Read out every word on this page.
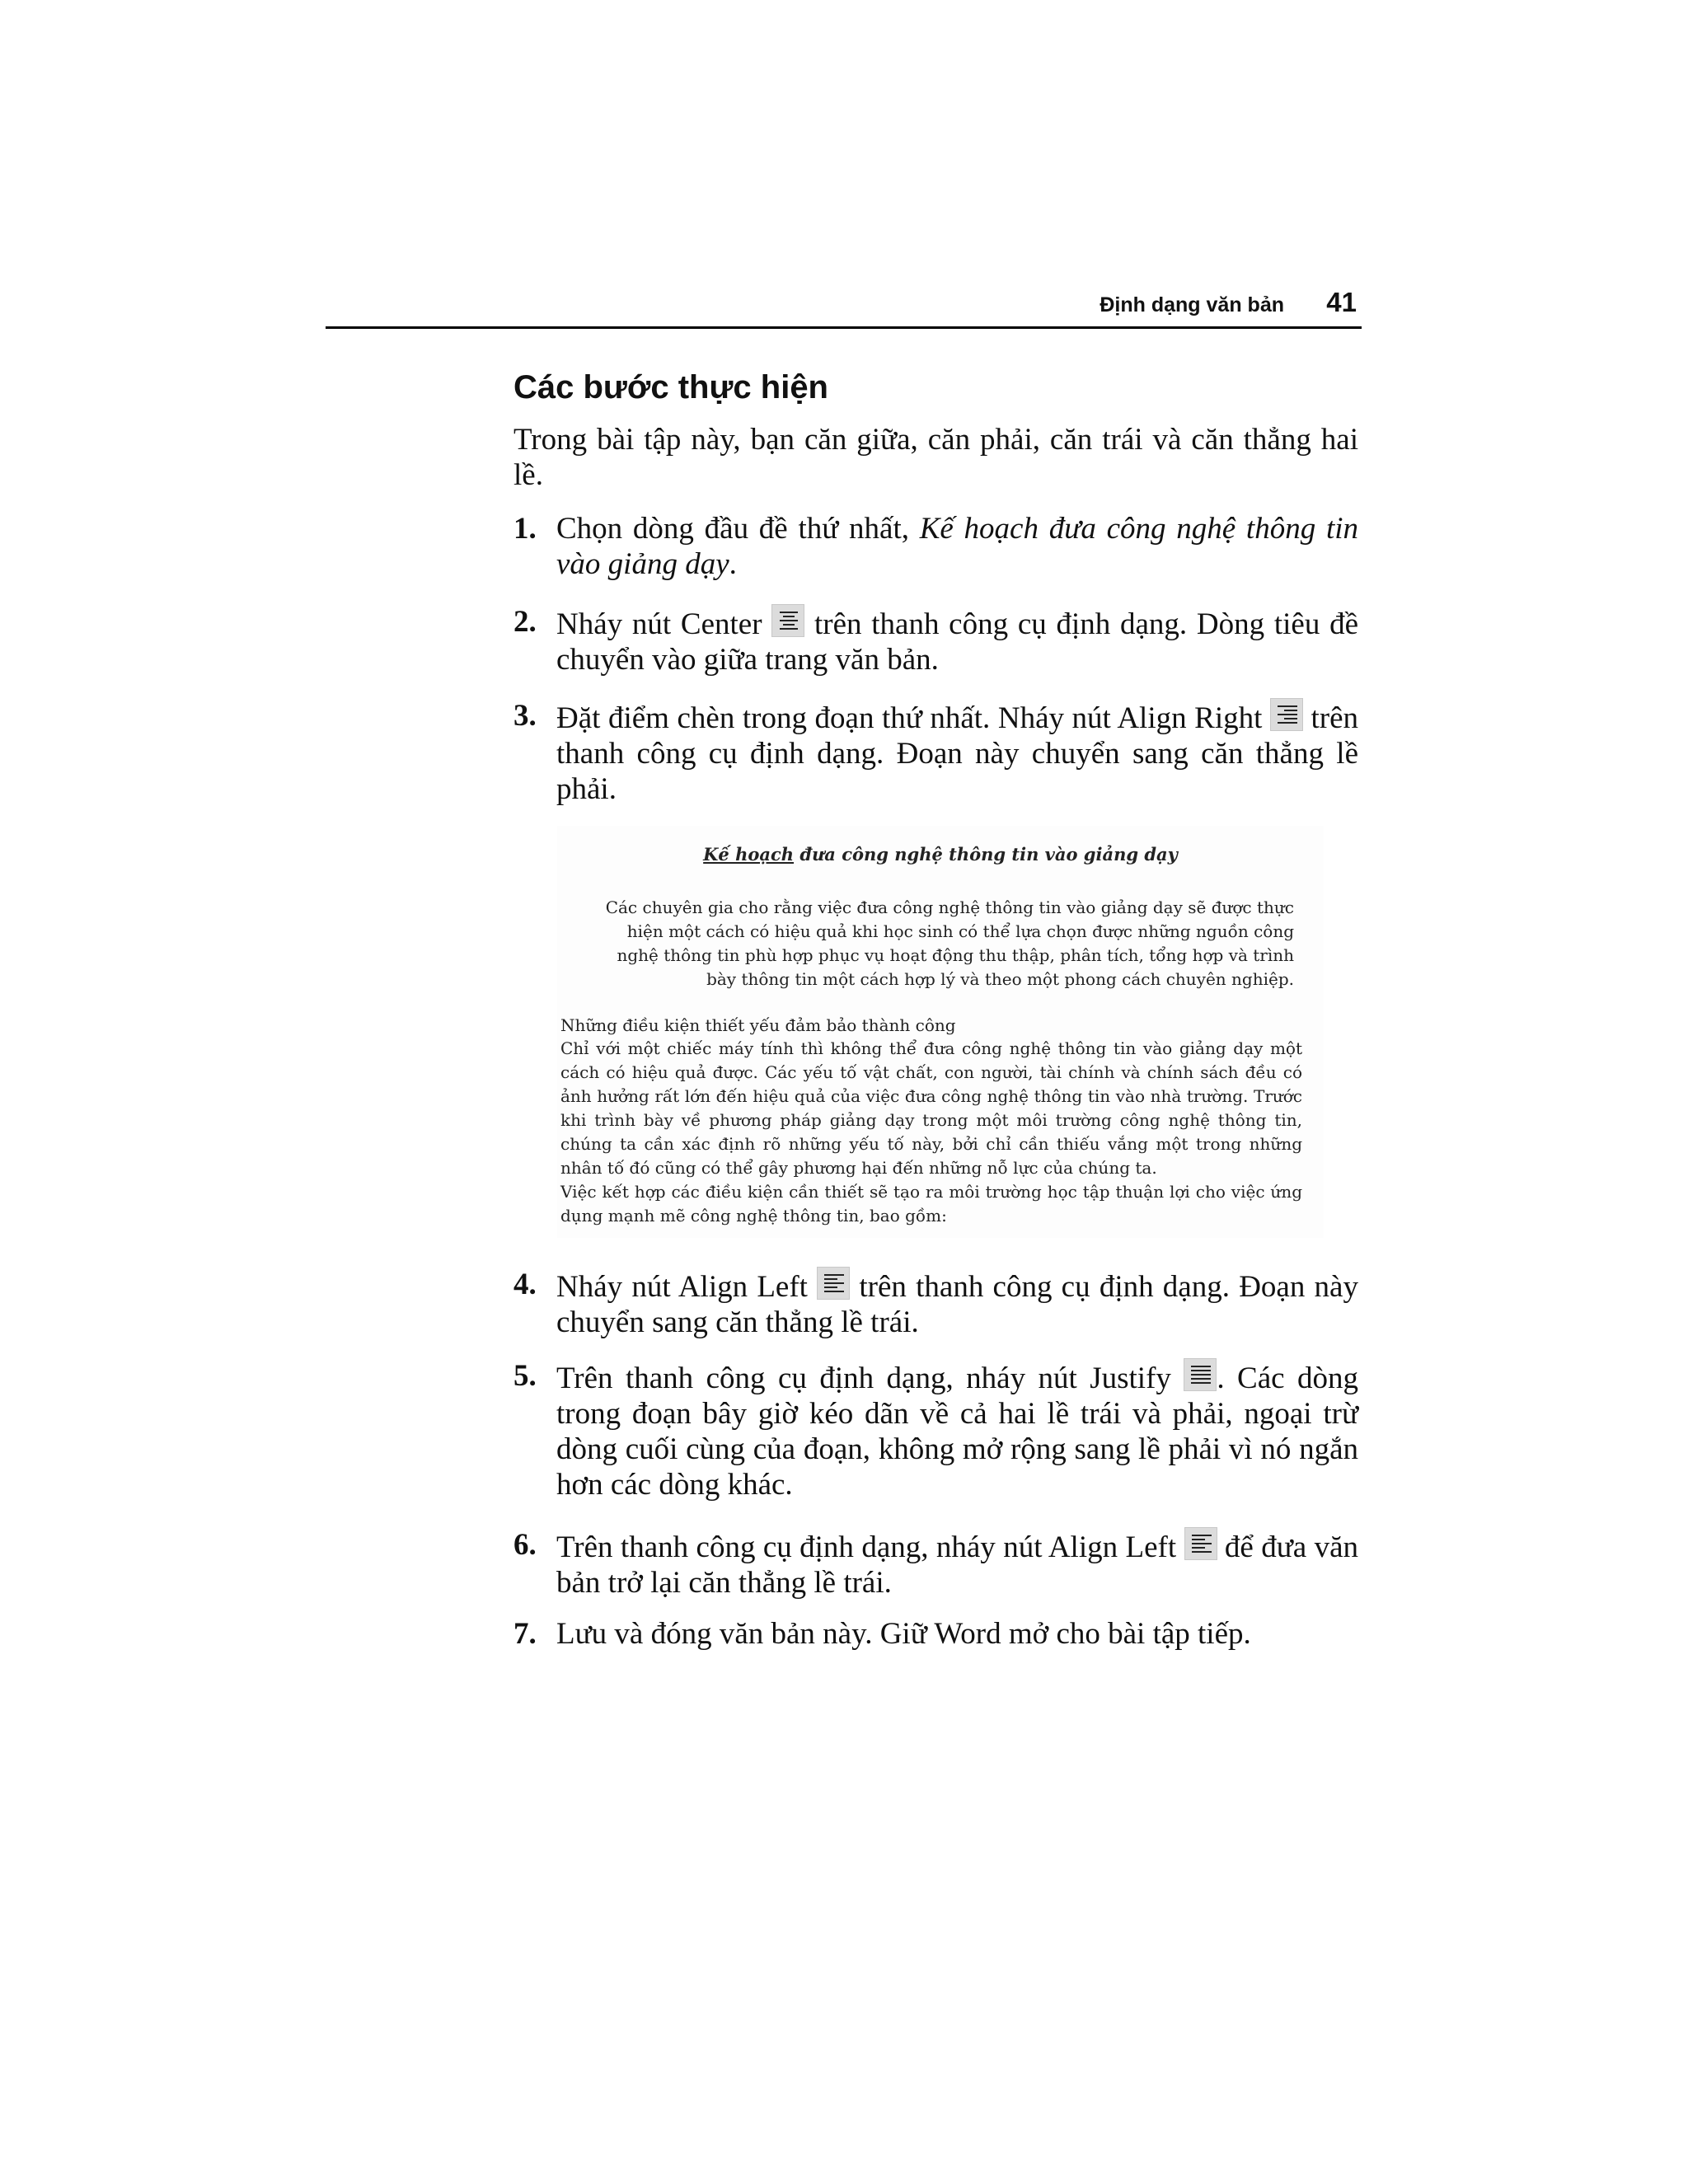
Định dạng văn bản 41
Các bước thực hiện

Trong bài tập này, bạn căn giữa, căn phải, căn trái và căn thẳng hai lề.

1. Chọn dòng đầu đề thứ nhất, Kế hoạch đưa công nghệ thông tin vào giảng dạy.
2. Nháy nút Center
trên thanh công cụ định dạng. Dòng tiêu đề chuyển vào giữa trang văn bản.
3. Đặt điểm chèn trong đoạn thứ nhất. Nháy nút Align Right
trên thanh công cụ định dạng. Đoạn này chuyển sang căn thẳng lề phải.
Kế hoạch đưa công nghệ thông tin vào giảng dạy
Các chuyên gia cho rằng việc đưa công nghệ thông tin vào giảng dạy sẽ được thực hiện một cách có hiệu quả khi học sinh có thể lựa chọn được những nguồn công nghệ thông tin phù hợp phục vụ hoạt động thu thập, phân tích, tổng hợp và trình bày thông tin một cách hợp lý và theo một phong cách chuyên nghiệp.
Những điều kiện thiết yếu đảm bảo thành công
Chỉ với một chiếc máy tính thì không thể đưa công nghệ thông tin vào giảng dạy một cách có hiệu quả được. Các yếu tố vật chất, con người, tài chính và chính sách đều có ảnh hưởng rất lớn đến hiệu quả của việc đưa công nghệ thông tin vào nhà trường. Trước khi trình bày về phương pháp giảng dạy trong một môi trường công nghệ thông tin, chúng ta cần xác định rõ những yếu tố này, bởi chỉ cần thiếu vắng một trong những nhân tố đó cũng có thể gây phương hại đến những nỗ lực của chúng ta.
Việc kết hợp các điều kiện cần thiết sẽ tạo ra môi trường học tập thuận lợi cho việc ứng dụng mạnh mẽ công nghệ thông tin, bao gồm:
4. Nháy nút Align Left
trên thanh công cụ định dạng. Đoạn này chuyển sang căn thẳng lề trái.
5. Trên thanh công cụ định dạng, nháy nút Justify
. Các dòng trong đoạn bây giờ kéo dãn về cả hai lề trái và phải, ngoại trừ dòng cuối cùng của đoạn, không mở rộng sang lề phải vì nó ngắn hơn các dòng khác.
6. Trên thanh công cụ định dạng, nháy nút Align Left
để đưa văn bản trở lại căn thẳng lề trái.
7. Lưu và đóng văn bản này. Giữ Word mở cho bài tập tiếp.
